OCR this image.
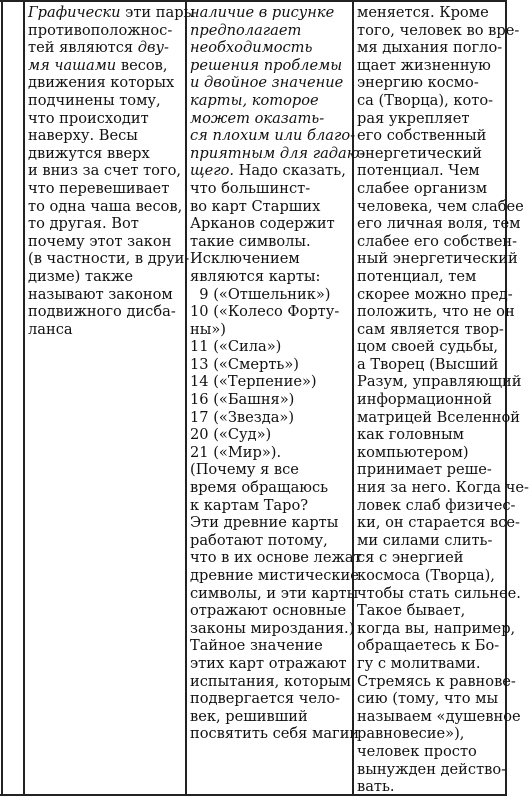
Графически эти пары
противоположнос-
тей являются дву-
мя чашами весов,
движения которых
подчинены тому,
что происходит
наверху. Весы
движутся вверх
и вниз за счет того,
что перевешивает
то одна чаша весов,
то другая. Вот
почему этот закон
(в частности, в друи-
дизме) также
называют законом
подвижного дисба-
ланса
наличие в рисунке
предполагает
необходимость
решения проблемы
и двойное значение
карты, которое
может оказать-
ся плохим или благо-
приятным для гадаю-
щего. Надо сказать,
что большинст-
во карт Старших
Арканов содержит
такие символы.
Исключением
являются карты:
9 («Отшельник»)
10 («Колесо Форту-
ны»)
11 («Сила»)
13 («Смерть»)
14 («Терпение»)
16 («Башня»)
17 («Звезда»)
20 («Суд»)
21 («Мир»).
(Почему я все
время обращаюсь
к картам Таро?
Эти древние карты
работают потому,
что в их основе лежат
древние мистические
символы, и эти карты
отражают основные
законы мироздания.)
Тайное значение
этих карт отражают
испытания, которым
подвергается чело-
век, решивший
посвятить себя магии
меняется. Кроме
того, человек во вре-
мя дыхания погло-
щает жизненную
энергию космо-
са (Творца), кото-
рая укрепляет
его собственный
энергетический
потенциал. Чем
слабее организм
человека, чем слабее
его личная воля, тем
слабее его собствен-
ный энергетический
потенциал, тем
скорее можно пред-
положить, что не он
сам является твор-
цом своей судьбы,
а Творец (Высший
Разум, управляющий
информационной
матрицей Вселенной
как головным
компьютером)
принимает реше-
ния за него. Когда че-
ловек слаб физичес-
ки, он старается все-
ми силами слить-
ся с энергией
космоса (Творца),
чтобы стать сильнее.
Такое бывает,
когда вы, например,
обращаетесь к Бо-
гу с молитвами.
Стремясь к равнове-
сию (тому, что мы
называем «душевное
равновесие»),
человек просто
вынужден действо-
вать.
